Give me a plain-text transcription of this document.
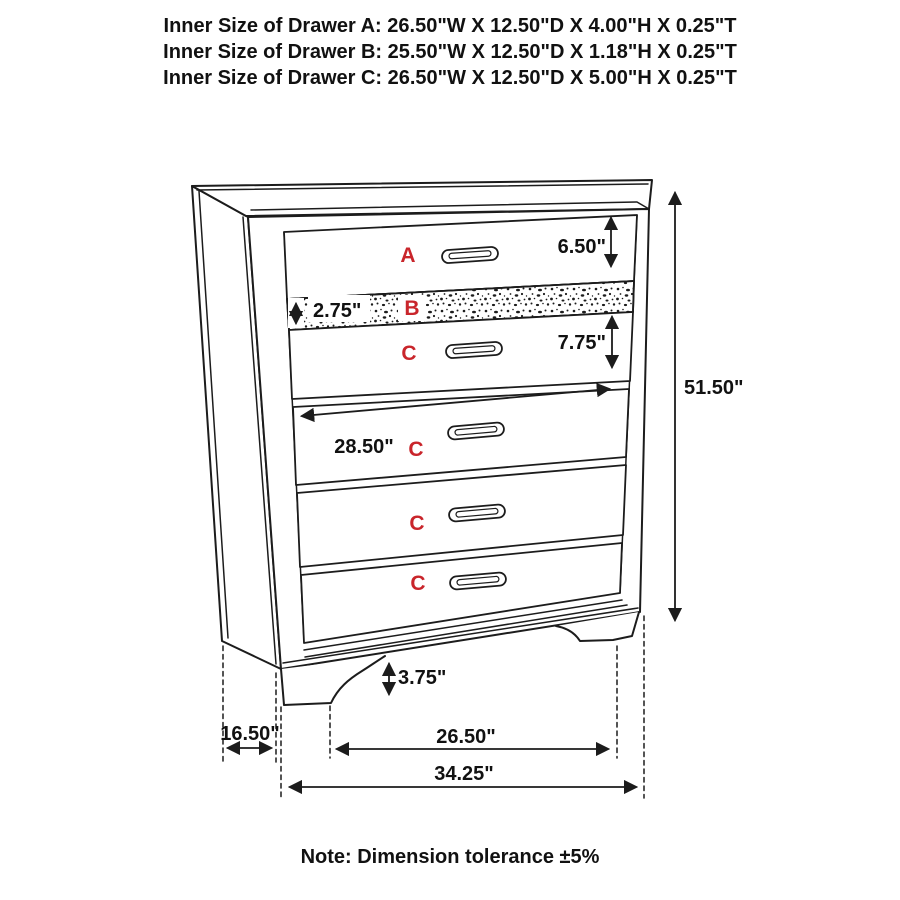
Inner Size of Drawer A: 26.50"W X 12.50"D X 4.00"H X 0.25"T
Inner Size of Drawer B: 25.50"W X 12.50"D X 1.18"H X 0.25"T
Inner Size of Drawer C: 26.50"W X 12.50"D X 5.00"H X 0.25"T
A
B
C
C
C
C
6.50"
2.75"
7.75"
51.50"
28.50"
3.75"
16.50"	26.50"
34.25"
Note: Dimension tolerance ±5%
